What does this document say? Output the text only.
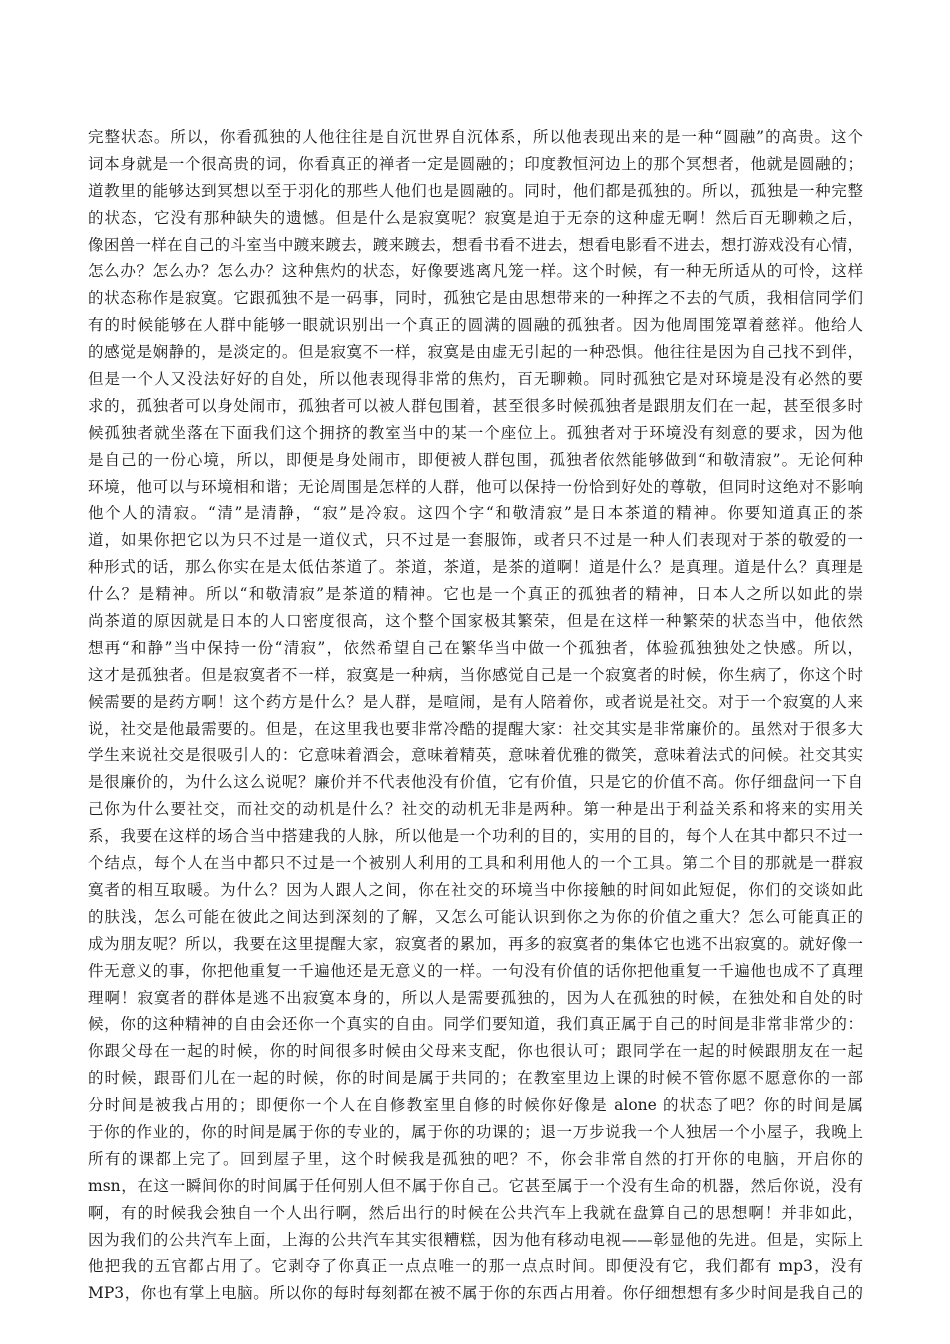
完整状态。所以，你看孤独的人他往往是自沉世界自沉体系，所以他表现出来的是一种“圆融”的高贵。这个
词本身就是一个很高贵的词，你看真正的禅者一定是圆融的；印度教恒河边上的那个冥想者，他就是圆融的；
道教里的能够达到冥想以至于羽化的那些人他们也是圆融的。同时，他们都是孤独的。所以，孤独是一种完整
的状态，它没有那种缺失的遗憾。但是什么是寂寞呢？寂寞是迫于无奈的这种虚无啊！然后百无聊赖之后，
像困兽一样在自己的斗室当中踱来踱去，踱来踱去，想看书看不进去，想看电影看不进去，想打游戏没有心情，
怎么办？怎么办？怎么办？这种焦灼的状态，好像要逃离凡笼一样。这个时候，有一种无所适从的可怜，这样
的状态称作是寂寞。它跟孤独不是一码事，同时，孤独它是由思想带来的一种挥之不去的气质，我相信同学们
有的时候能够在人群中能够一眼就识别出一个真正的圆满的圆融的孤独者。因为他周围笼罩着慈祥。他给人
的感觉是娴静的，是淡定的。但是寂寞不一样，寂寞是由虚无引起的一种恐惧。他往往是因为自己找不到伴，
但是一个人又没法好好的自处，所以他表现得非常的焦灼，百无聊赖。同时孤独它是对环境是没有必然的要
求的，孤独者可以身处闹市，孤独者可以被人群包围着，甚至很多时候孤独者是跟朋友们在一起，甚至很多时
候孤独者就坐落在下面我们这个拥挤的教室当中的某一个座位上。孤独者对于环境没有刻意的要求，因为他
是自己的一份心境，所以，即便是身处闹市，即便被人群包围，孤独者依然能够做到“和敬清寂”。无论何种
环境，他可以与环境相和谐；无论周围是怎样的人群，他可以保持一份恰到好处的尊敬，但同时这绝对不影响
他个人的清寂。“清”是清静，“寂”是冷寂。这四个字“和敬清寂”是日本茶道的精神。你要知道真正的茶
道，如果你把它以为只不过是一道仪式，只不过是一套服饰，或者只不过是一种人们表现对于茶的敬爱的一
种形式的话，那么你实在是太低估茶道了。茶道，茶道，是茶的道啊！道是什么？是真理。道是什么？真理是
什么？是精神。所以“和敬清寂”是茶道的精神。它也是一个真正的孤独者的精神，日本人之所以如此的崇
尚茶道的原因就是日本的人口密度很高，这个整个国家极其繁荣，但是在这样一种繁荣的状态当中，他依然
想再“和静”当中保持一份“清寂”，依然希望自己在繁华当中做一个孤独者，体验孤独独处之快感。所以，
这才是孤独者。但是寂寞者不一样，寂寞是一种病，当你感觉自己是一个寂寞者的时候，你生病了，你这个时
候需要的是药方啊！这个药方是什么？是人群，是喧闹，是有人陪着你，或者说是社交。对于一个寂寞的人来
说，社交是他最需要的。但是，在这里我也要非常冷酷的提醒大家：社交其实是非常廉价的。虽然对于很多大
学生来说社交是很吸引人的：它意味着酒会，意味着精英，意味着优雅的微笑，意味着法式的问候。社交其实
是很廉价的，为什么这么说呢？廉价并不代表他没有价值，它有价值，只是它的价值不高。你仔细盘问一下自
己你为什么要社交，而社交的动机是什么？社交的动机无非是两种。第一种是出于利益关系和将来的实用关
系，我要在这样的场合当中搭建我的人脉，所以他是一个功利的目的，实用的目的，每个人在其中都只不过一
个结点，每个人在当中都只不过是一个被别人利用的工具和利用他人的一个工具。第二个目的那就是一群寂
寞者的相互取暖。为什么？因为人跟人之间，你在社交的环境当中你接触的时间如此短促，你们的交谈如此
的肤浅，怎么可能在彼此之间达到深刻的了解，又怎么可能认识到你之为你的价值之重大？怎么可能真正的
成为朋友呢？所以，我要在这里提醒大家，寂寞者的累加，再多的寂寞者的集体它也逃不出寂寞的。就好像一
件无意义的事，你把他重复一千遍他还是无意义的一样。一句没有价值的话你把他重复一千遍他也成不了真理
理啊！寂寞者的群体是逃不出寂寞本身的，所以人是需要孤独的，因为人在孤独的时候，在独处和自处的时
候，你的这种精神的自由会还你一个真实的自由。同学们要知道，我们真正属于自己的时间是非常非常少的：
你跟父母在一起的时候，你的时间很多时候由父母来支配，你也很认可；跟同学在一起的时候跟朋友在一起
的时候，跟哥们儿在一起的时候，你的时间是属于共同的；在教室里边上课的时候不管你愿不愿意你的一部
分时间是被我占用的；即便你一个人在自修教室里自修的时候你好像是 alone 的状态了吧？你的时间是属
于你的作业的，你的时间是属于你的专业的，属于你的功课的；退一万步说我一个人独居一个小屋子，我晚上
所有的课都上完了。回到屋子里，这个时候我是孤独的吧？不，你会非常自然的打开你的电脑，开启你的
msn，在这一瞬间你的时间属于任何别人但不属于你自己。它甚至属于一个没有生命的机器，然后你说，没有
啊，有的时候我会独自一个人出行啊，然后出行的时候在公共汽车上我就在盘算自己的思想啊！并非如此，
因为我们的公共汽车上面，上海的公共汽车其实很糟糕，因为他有移动电视——彰显他的先进。但是，实际上
他把我的五官都占用了。它剥夺了你真正一点点唯一的那一点点时间。即便没有它，我们都有 mp3，没有
MP3，你也有掌上电脑。所以你的每时每刻都在被不属于你的东西占用着。你仔细想想有多少时间是我自己的
